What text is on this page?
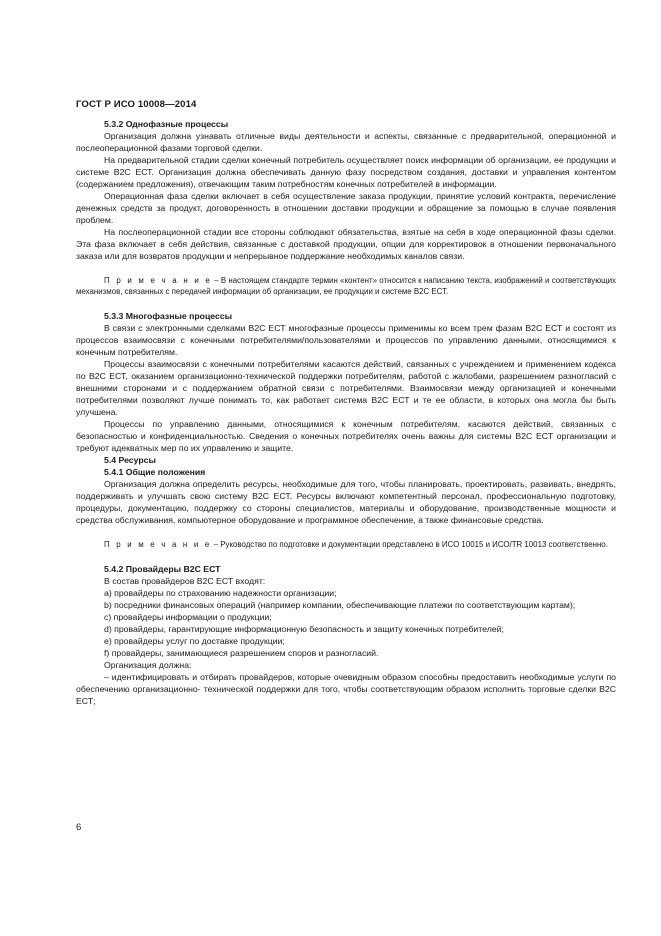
ГОСТ Р ИСО 10008—2014

5.3.2 Однофазные процессы

Организация должна узнавать отличные виды деятельности и аспекты, связанные с предварительной, операционной и послеоперационной фазами торговой сделки.

На предварительной стадии сделки конечный потребитель осуществляет поиск информации об организации, ее продукции и системе В2С ЕСТ. Организация должна обеспечивать данную фазу посредством создания, доставки и управления контентом (содержанием предложения), отвечающим таким потребностям конечных потребителей в информации.

Операционная фаза сделки включает в себя осуществление заказа продукции, принятие условий контракта, перечисление денежных средств за продукт, договоренность в отношении доставки продукции и обращение за помощью в случае появления проблем.

На послеоперационной стадии все стороны соблюдают обязательства, взятые на себя в ходе операционной фазы сделки. Эта фаза включает в себя действия, связанные с доставкой продукции, опции для корректировок в отношении первоначального заказа или для возвратов продукции и непрерывное поддержание необходимых каналов связи.

П р и м е ч а н и е – В настоящем стандарте термин «контент» относится к написанию текста, изображений и соответствующих механизмов, связанных с передачей информации об организации, ее продукции и системе В2С ЕСТ.

5.3.3 Многофазные процессы

В связи с электронными сделками В2С ЕСТ многофазные процессы применимы ко всем трем фазам В2С ЕСТ и состоят из процессов взаимосвязи с конечными потребителями/пользователями и процессов по управлению данными, относящимися к конечным потребителям.

Процессы взаимосвязи с конечными потребителями касаются действий, связанных с учреждением и применением кодекса по В2С ЕСТ, оказанием организационно-технической поддержки потребителям, работой с жалобами, разрешением разногласий с внешними сторонами и с поддержанием обратной связи с потребителями. Взаимосвязи между организацией и конечными потребителями позволяют лучше понимать то, как работает система В2С ЕСТ и те ее области, в которых она могла бы быть улучшена.

Процессы по управлению данными, относящимися к конечным потребителям, касаются действий, связанных с безопасностью и конфиденциальностью. Сведения о конечных потребителях очень важны для системы В2С ЕСТ организации и требуют адекватных мер по их управлению и защите.

5.4 Ресурсы

5.4.1 Общие положения

Организация должна определить ресурсы, необходимые для того, чтобы планировать, проектировать, развивать, внедрять, поддерживать и улучшать свою систему В2С ЕСТ. Ресурсы включают компетентный персонал, профессиональную подготовку, процедуры, документацию, поддержку со стороны специалистов, материалы и оборудование, производственные мощности и средства обслуживания, компьютерное оборудование и программное обеспечение, а также финансовые средства.

П р и м е ч а н и е – Руководство по подготовке и документации представлено в ИСО 10015 и ИСО/TR 10013 соответственно.

5.4.2 Провайдеры В2С ЕСТ

В состав провайдеров В2С ЕСТ входят:

а) провайдеры по страхованию надежности организации;

b) посредники финансовых операций (например компании, обеспечивающие платежи по соответствующим картам);

с) провайдеры информации о продукции;

d) провайдеры, гарантирующие информационную безопасность и защиту конечных потребителей;

е) провайдеры услуг по доставке продукции;

f) провайдеры, занимающиеся разрешением споров и разногласий.

Организация должна:

– идентифицировать и отбирать провайдеров, которые очевидным образом способны предоставить необходимые услуги по обеспечению организационно- технической поддержки для того, чтобы соответствующим образом исполнить торговые сделки В2С ЕСТ;

6
